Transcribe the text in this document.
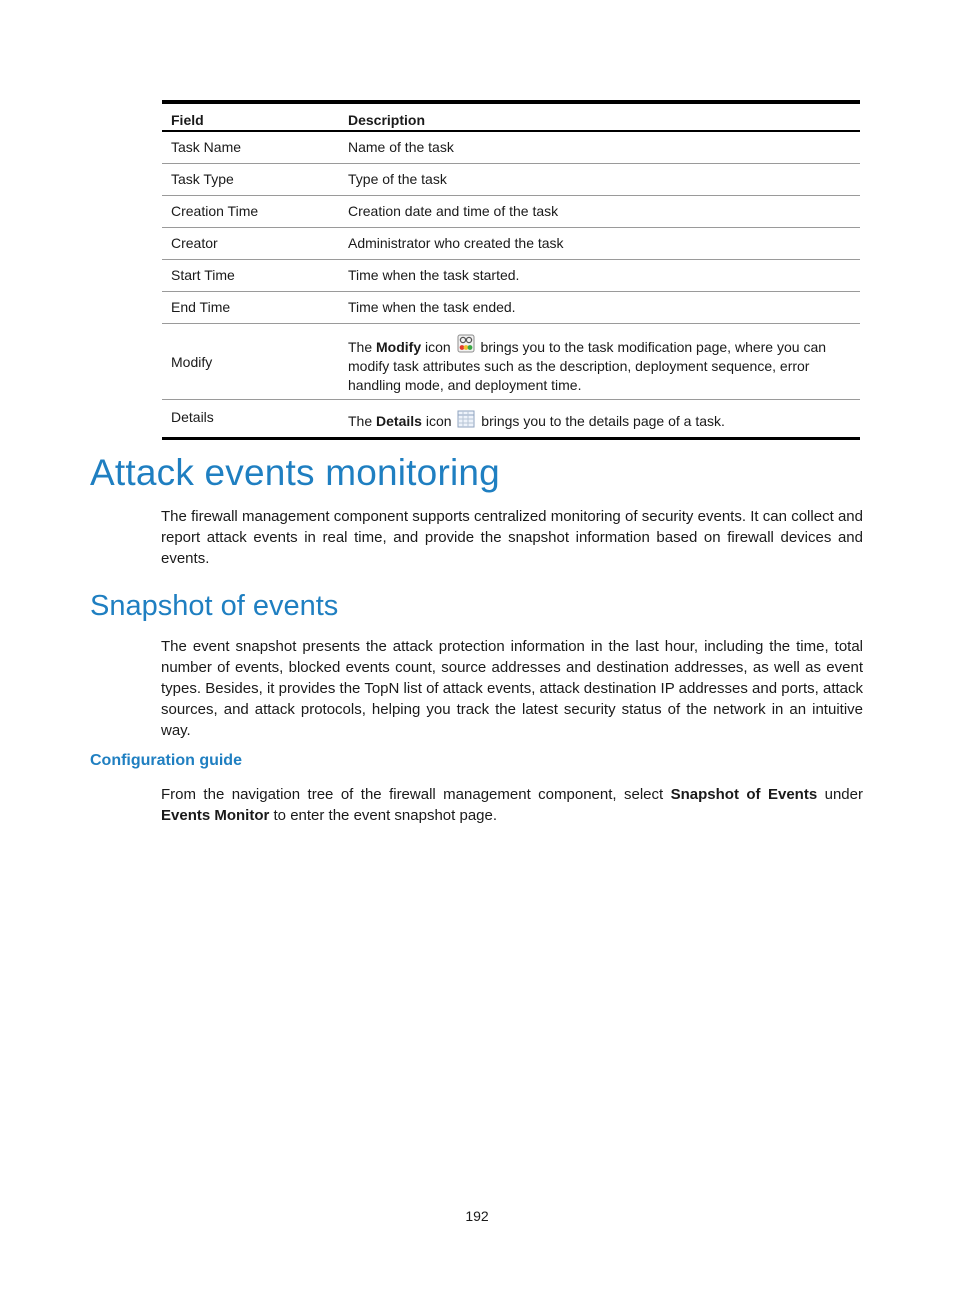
Field	Description
Task Name	Name of the task
Task Type	Type of the task
Creation Time	Creation date and time of the task
Creator	Administrator who created the task
Start Time	Time when the task started.
End Time	Time when the task ended.
Modify	The Modify icon  brings you to the task modification page, where you can modify task attributes such as the description, deployment sequence, error handling mode, and deployment time.
Details	The Details icon  brings you to the details page of a task.
Attack events monitoring

The firewall management component supports centralized monitoring of security events. It can collect and report attack events in real time, and provide the snapshot information based on firewall devices and events.

Snapshot of events

The event snapshot presents the attack protection information in the last hour, including the time, total number of events, blocked events count, source addresses and destination addresses, as well as event types. Besides, it provides the TopN list of attack events, attack destination IP addresses and ports, attack sources, and attack protocols, helping you track the latest security status of the network in an intuitive way.

Configuration guide

From the navigation tree of the firewall management component, select Snapshot of Events under Events Monitor to enter the event snapshot page.

192
